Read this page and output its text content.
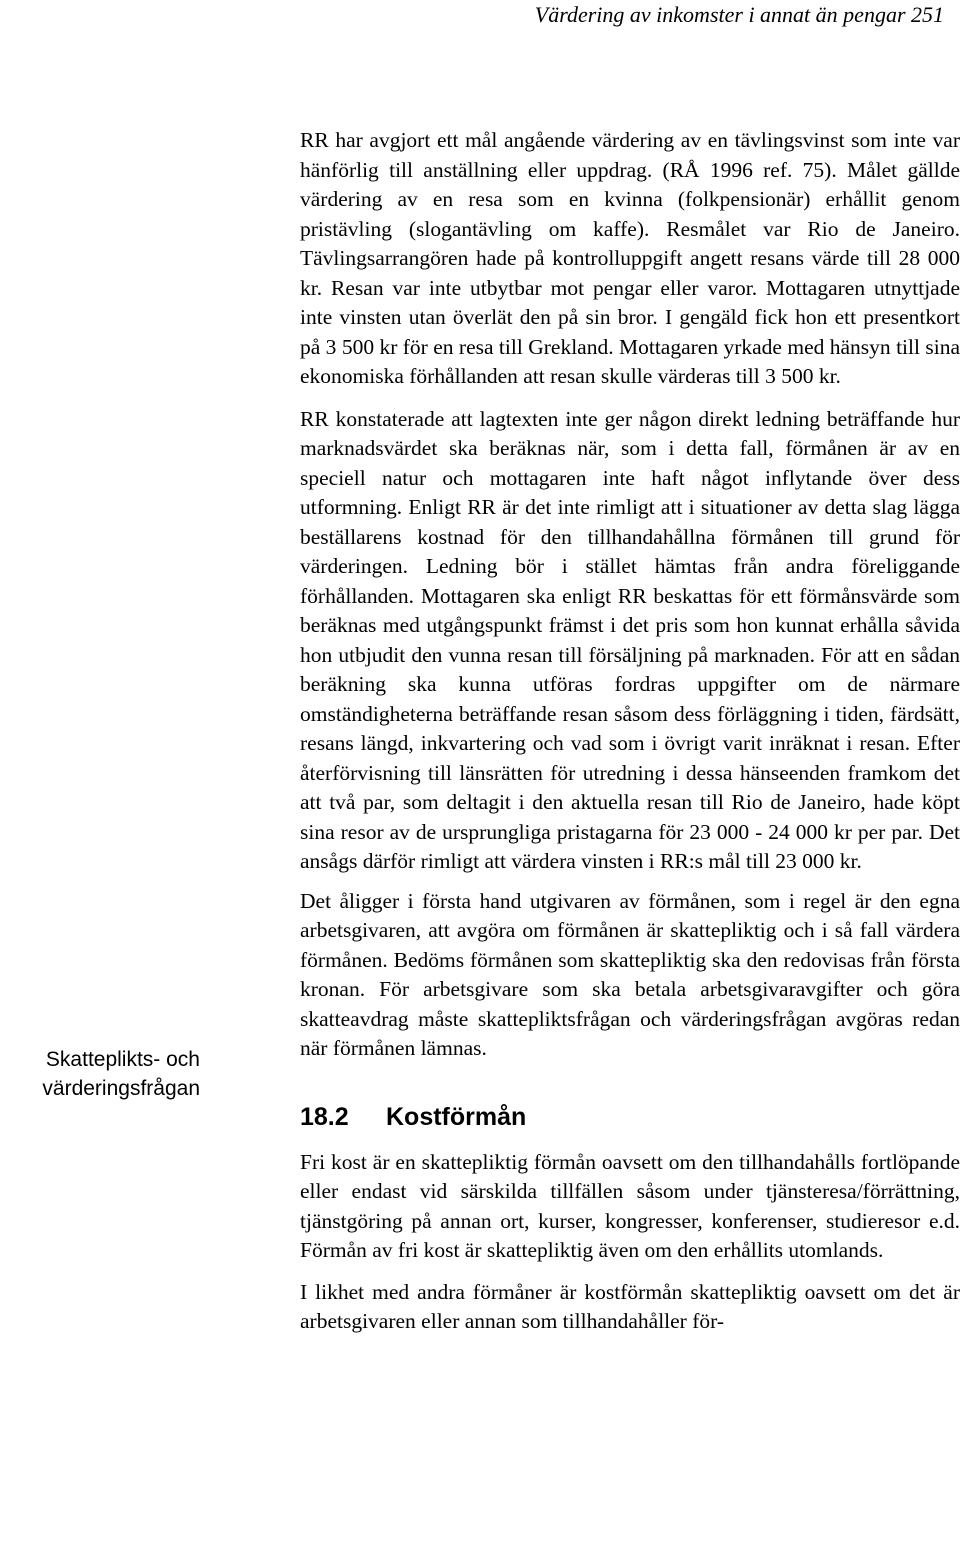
Värdering av inkomster i annat än pengar 251
Skatteplikts- och
värderingsfrågan

RR har avgjort ett mål angående värdering av en tävlingsvinst som inte var hänförlig till anställning eller uppdrag. (RÅ 1996 ref. 75). Målet gällde värdering av en resa som en kvinna (folkpensionär) erhållit genom pristävling (slogantävling om kaffe). Resmålet var Rio de Janeiro. Tävlingsarrangören hade på kontrolluppgift angett resans värde till 28 000 kr. Resan var inte utbytbar mot pengar eller varor. Mottagaren utnyttjade inte vinsten utan överlät den på sin bror. I gengäld fick hon ett presentkort på 3 500 kr för en resa till Grekland. Mottagaren yrkade med hänsyn till sina ekonomiska förhållanden att resan skulle värderas till 3 500 kr.

RR konstaterade att lagtexten inte ger någon direkt ledning beträffande hur marknadsvärdet ska beräknas när, som i detta fall, förmånen är av en speciell natur och mottagaren inte haft något inflytande över dess utformning. Enligt RR är det inte rimligt att i situationer av detta slag lägga beställarens kostnad för den tillhandahållna förmånen till grund för värderingen. Ledning bör i stället hämtas från andra föreliggande förhållanden. Mottagaren ska enligt RR beskattas för ett förmånsvärde som beräknas med utgångspunkt främst i det pris som hon kunnat erhålla såvida hon utbjudit den vunna resan till försäljning på marknaden. För att en sådan beräkning ska kunna utföras fordras uppgifter om de närmare omständigheterna beträffande resan såsom dess förläggning i tiden, färdsätt, resans längd, inkvartering och vad som i övrigt varit inräknat i resan. Efter återförvisning till länsrätten för utredning i dessa hänseenden framkom det att två par, som deltagit i den aktuella resan till Rio de Janeiro, hade köpt sina resor av de ursprungliga pristagarna för 23 000 - 24 000 kr per par. Det ansågs därför rimligt att värdera vinsten i RR:s mål till 23 000 kr.

Det åligger i första hand utgivaren av förmånen, som i regel är den egna arbetsgivaren, att avgöra om förmånen är skattepliktig och i så fall värdera förmånen. Bedöms förmånen som skattepliktig ska den redovisas från första kronan. För arbetsgivare som ska betala arbetsgivaravgifter och göra skatteavdrag måste skattepliktsfrågan och värderingsfrågan avgöras redan när förmånen lämnas.

18.2 Kostförmån

Fri kost är en skattepliktig förmån oavsett om den tillhandahålls fortlöpande eller endast vid särskilda tillfällen såsom under tjänsteresa/förrättning, tjänstgöring på annan ort, kurser, kongresser, konferenser, studieresor e.d. Förmån av fri kost är skattepliktig även om den erhållits utomlands.

I likhet med andra förmåner är kostförmån skattepliktig oavsett om det är arbetsgivaren eller annan som tillhandahåller för-
